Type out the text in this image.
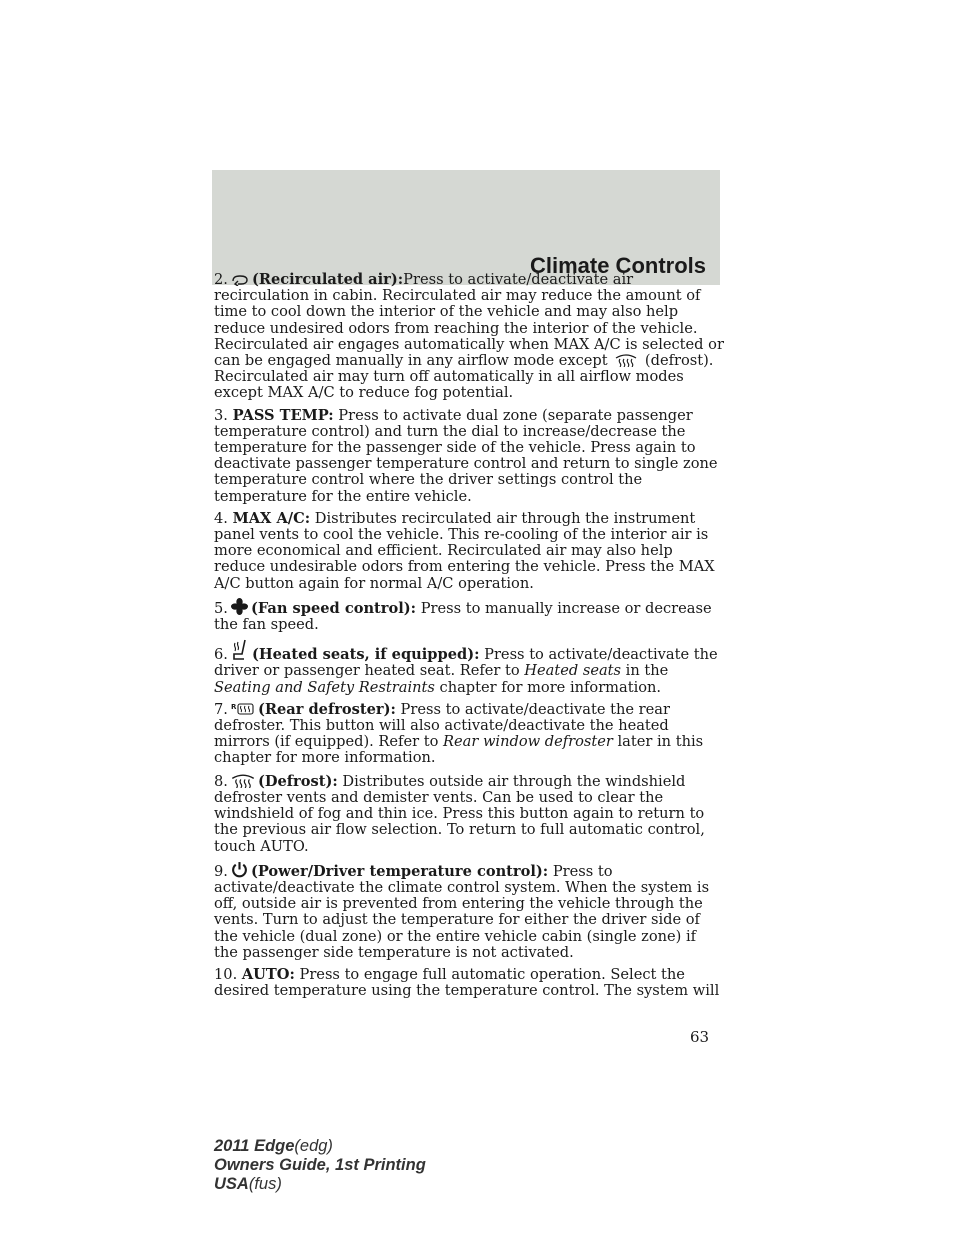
Climate Controls

2. (Recirculated air):Press to activate/deactivate air recirculation in cabin. Recirculated air may reduce the amount of time to cool down the interior of the vehicle and may also help reduce undesired odors from reaching the interior of the vehicle. Recirculated air engages automatically when MAX A/C is selected or can be engaged manually in any airflow mode except
(defrost). Recirculated air may turn off automatically in all airflow modes except MAX A/C to reduce fog potential.

3. PASS TEMP: Press to activate dual zone (separate passenger temperature control) and turn the dial to increase/decrease the temperature for the passenger side of the vehicle. Press again to deactivate passenger temperature control and return to single zone temperature control where the driver settings control the temperature for the entire vehicle.

4. MAX A/C: Distributes recirculated air through the instrument panel vents to cool the vehicle. This re-cooling of the interior air is more economical and efficient. Recirculated air may also help reduce undesirable odors from entering the vehicle. Press the MAX A/C button again for normal A/C operation.

5. (Fan speed control): Press to manually increase or decrease the fan speed.

6. (Heated seats, if equipped): Press to activate/deactivate the driver or passenger heated seat. Refer to Heated seats in the Seating and Safety Restraints chapter for more information.

7. R (Rear defroster): Press to activate/deactivate the rear defroster. This button will also activate/deactivate the heated mirrors (if equipped). Refer to Rear window defroster later in this chapter for more information.

8. (Defrost): Distributes outside air through the windshield defroster vents and demister vents. Can be used to clear the windshield of fog and thin ice. Press this button again to return to the previous air flow selection. To return to full automatic control, touch AUTO.

9. (Power/Driver temperature control): Press to activate/deactivate the climate control system. When the system is off, outside air is prevented from entering the vehicle through the vents. Turn to adjust the temperature for either the driver side of the vehicle (dual zone) or the entire vehicle cabin (single zone) if the passenger side temperature is not activated.

10. AUTO: Press to engage full automatic operation. Select the desired temperature using the temperature control. The system will

63
2011 Edge(edg)
Owners Guide, 1st Printing
USA(fus)
